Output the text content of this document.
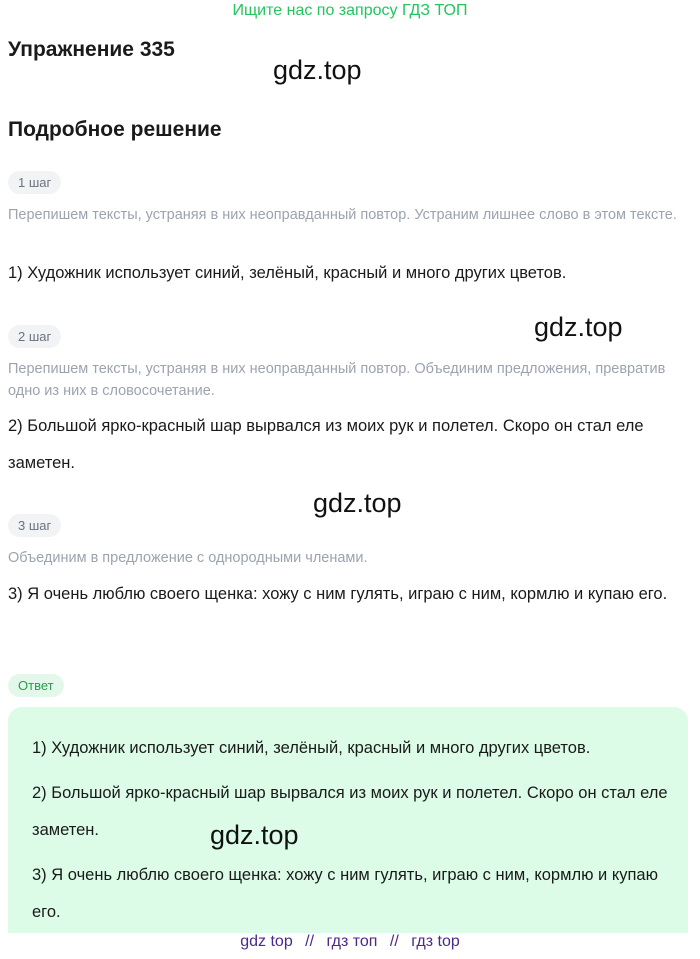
Ищите нас по запросу ГДЗ ТОП
Упражнение 335
gdz.top
Подробное решение
1 шаг
Перепишем тексты, устраняя в них неоправданный повтор. Устраним лишнее слово в этом тексте.
1) Художник использует синий, зелёный, красный и много других цветов.
2 шаг	gdz.top
Перепишем тексты, устраняя в них неоправданный повтор. Объединим предложения, превратив одно из них в словосочетание.
2) Большой ярко-красный шар вырвался из моих рук и полетел. Скоро он стал еле заметен.
gdz.top
3 шаг
Объединим в предложение с однородными членами.
3) Я очень люблю своего щенка: хожу с ним гулять, играю с ним, кормлю и купаю его.
Ответ
1) Художник использует синий, зелёный, красный и много других цветов.
2) Большой ярко-красный шар вырвался из моих рук и полетел. Скоро он стал еле заметен.
3) Я очень люблю своего щенка: хожу с ним гулять, играю с ним, кормлю и купаю его.
gdz.top
gdz top // гдз топ // гдз top
